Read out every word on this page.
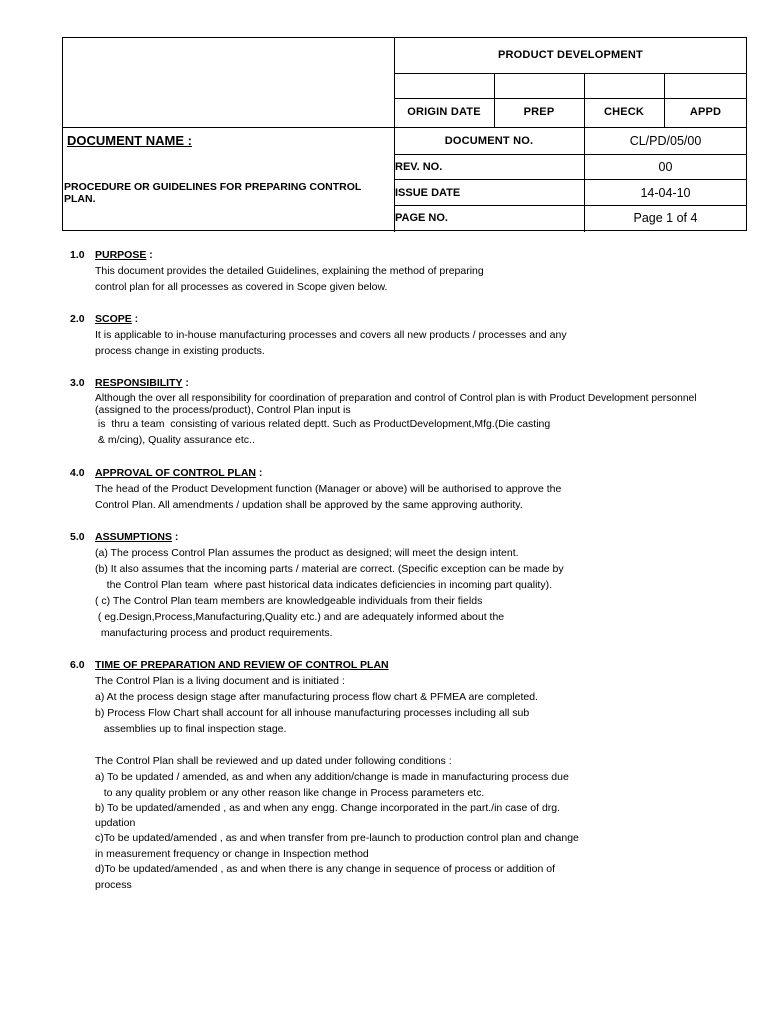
PRODUCT DEVELOPMENT
ORIGIN DATE	PREP	CHECK	APPD
DOCUMENT NAME :
PROCEDURE OR GUIDELINES FOR PREPARING CONTROL PLAN.
DOCUMENT NO.	CL/PD/05/00
REV. NO.	00
ISSUE DATE	14-04-10
PAGE NO.	Page 1 of 4
1.0 PURPOSE :
This document provides the detailed Guidelines, explaining the method of preparing
control plan for all processes as covered in Scope given below.
2.0 SCOPE :
It is applicable to in-house manufacturing processes and covers all new products / processes and any
process change in existing products.
3.0 RESPONSIBILITY :
Although the over all responsibility for coordination of preparation and control of Control plan is with Product Development personnel
(assigned to the process/product), Control Plan input is
is  thru a team  consisting of various related deptt. Such as ProductDevelopment,Mfg.(Die casting
& m/cing), Quality assurance etc..
4.0 APPROVAL OF CONTROL PLAN :
The head of the Product Development function (Manager or above) will be authorised to approve the
Control Plan. All amendments / updation shall be approved by the same approving authority.
5.0 ASSUMPTIONS :
(a) The process Control Plan assumes the product as designed; will meet the design intent.
(b) It also assumes that the incoming parts / material are correct. (Specific exception can be made by
the Control Plan team  where past historical data indicates deficiencies in incoming part quality).
( c) The Control Plan team members are knowledgeable individuals from their fields
( eg.Design,Process,Manufacturing,Quality etc.) and are adequately informed about the
manufacturing process and product requirements.
6.0 TIME OF PREPARATION AND REVIEW OF CONTROL PLAN
The Control Plan is a living document and is initiated :
a) At the process design stage after manufacturing process flow chart & PFMEA are completed.
b) Process Flow Chart shall account for all inhouse manufacturing processes including all sub
assemblies up to final inspection stage.
The Control Plan shall be reviewed and up dated under following conditions :
a) To be updated / amended, as and when any addition/change is made in manufacturing process due
to any quality problem or any other reason like change in Process parameters etc.
b) To be updated/amended , as and when any engg. Change incorporated in the part./in case of drg.
updation
c)To be updated/amended , as and when transfer from pre-launch to production control plan and change
in measurement frequency or change in Inspection method
d)To be updated/amended , as and when there is any change in sequence of process or addition of
process
